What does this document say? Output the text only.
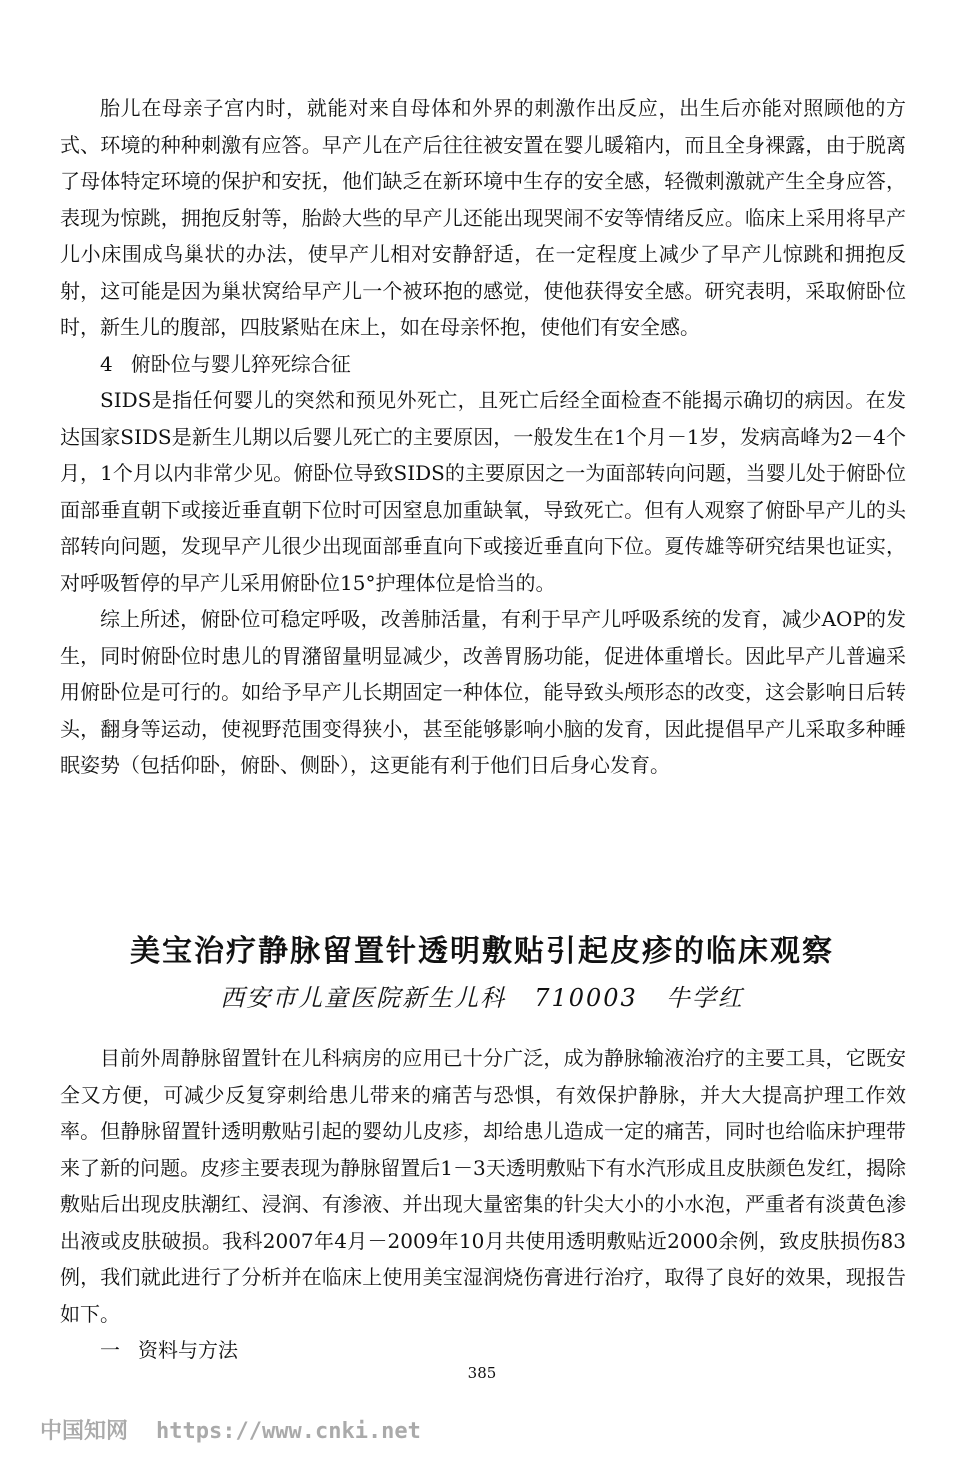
胎儿在母亲子宫内时，就能对来自母体和外界的刺激作出反应，出生后亦能对照顾他的方式、环境的种种刺激有应答。早产儿在产后往往被安置在婴儿暖箱内，而且全身裸露，由于脱离了母体特定环境的保护和安抚，他们缺乏在新环境中生存的安全感，轻微刺激就产生全身应答，表现为惊跳，拥抱反射等，胎龄大些的早产儿还能出现哭闹不安等情绪反应。临床上采用将早产儿小床围成鸟巢状的办法，使早产儿相对安静舒适，在一定程度上减少了早产儿惊跳和拥抱反射，这可能是因为巢状窝给早产儿一个被环抱的感觉，使他获得安全感。研究表明，采取俯卧位时，新生儿的腹部，四肢紧贴在床上，如在母亲怀抱，使他们有安全感。

4 俯卧位与婴儿猝死综合征

SIDS是指任何婴儿的突然和预见外死亡，且死亡后经全面检查不能揭示确切的病因。在发达国家SIDS是新生儿期以后婴儿死亡的主要原因，一般发生在1个月－1岁，发病高峰为2－4个月，1个月以内非常少见。俯卧位导致SIDS的主要原因之一为面部转向问题，当婴儿处于俯卧位面部垂直朝下或接近垂直朝下位时可因窒息加重缺氧，导致死亡。但有人观察了俯卧早产儿的头部转向问题，发现早产儿很少出现面部垂直向下或接近垂直向下位。夏传雄等研究结果也证实，对呼吸暂停的早产儿采用俯卧位15°护理体位是恰当的。

综上所述，俯卧位可稳定呼吸，改善肺活量，有利于早产儿呼吸系统的发育，减少AOP的发生，同时俯卧位时患儿的胃潴留量明显减少，改善胃肠功能，促进体重增长。因此早产儿普遍采用俯卧位是可行的。如给予早产儿长期固定一种体位，能导致头颅形态的改变，这会影响日后转头，翻身等运动，使视野范围变得狭小，甚至能够影响小脑的发育，因此提倡早产儿采取多种睡眠姿势（包括仰卧，俯卧、侧卧），这更能有利于他们日后身心发育。

美宝治疗静脉留置针透明敷贴引起皮疹的临床观察

西安市儿童医院新生儿科 710003 牛学红

目前外周静脉留置针在儿科病房的应用已十分广泛，成为静脉输液治疗的主要工具，它既安全又方便，可减少反复穿刺给患儿带来的痛苦与恐惧，有效保护静脉，并大大提高护理工作效率。但静脉留置针透明敷贴引起的婴幼儿皮疹，却给患儿造成一定的痛苦，同时也给临床护理带来了新的问题。皮疹主要表现为静脉留置后1－3天透明敷贴下有水汽形成且皮肤颜色发红，揭除敷贴后出现皮肤潮红、浸润、有渗液、并出现大量密集的针尖大小的小水泡，严重者有淡黄色渗出液或皮肤破损。我科2007年4月－2009年10月共使用透明敷贴近2000余例，致皮肤损伤83例，我们就此进行了分析并在临床上使用美宝湿润烧伤膏进行治疗，取得了良好的效果，现报告如下。

一 资料与方法

385

中国知网 https://www.cnki.net
